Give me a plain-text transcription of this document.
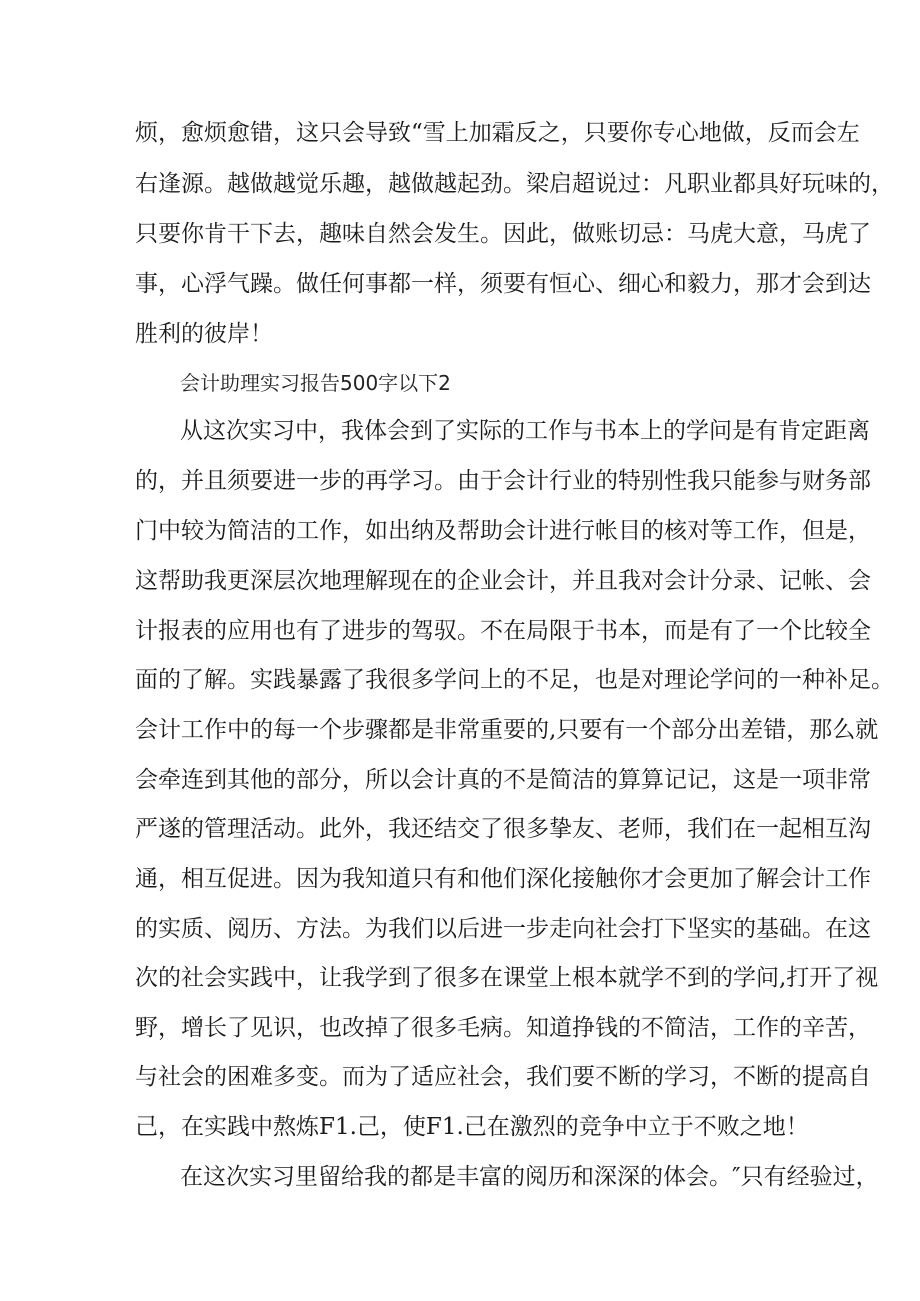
烦，愈烦愈错，这只会导致“雪上加霜反之，只要你专心地做，反而会左

右逢源。越做越觉乐趣，越做越起劲。梁启超说过：凡职业都具好玩味的，

只要你肯干下去，趣味自然会发生。因此，做账切忌：马虎大意，马虎了

事，心浮气躁。做任何事都一样，须要有恒心、细心和毅力，那才会到达

胜利的彼岸！

会计助理实习报告500字以下2

从这次实习中，我体会到了实际的工作与书本上的学问是有肯定距离

的，并且须要进一步的再学习。由于会计行业的特别性我只能参与财务部

门中较为简洁的工作，如出纳及帮助会计进行帐目的核对等工作，但是，

这帮助我更深层次地理解现在的企业会计，并且我对会计分录、记帐、会

计报表的应用也有了进步的驾驭。不在局限于书本，而是有了一个比较全

面的了解。实践暴露了我很多学问上的不足，也是对理论学问的一种补足。

会计工作中的每一个步骤都是非常重要的,只要有一个部分出差错，那么就

会牵连到其他的部分，所以会计真的不是简洁的算算记记，这是一项非常

严遂的管理活动。此外，我还结交了很多挚友、老师，我们在一起相互沟

通，相互促进。因为我知道只有和他们深化接触你才会更加了解会计工作

的实质、阅历、方法。为我们以后进一步走向社会打下坚实的基础。在这

次的社会实践中，让我学到了很多在课堂上根本就学不到的学问,打开了视

野，增长了见识，也改掉了很多毛病。知道挣钱的不简洁，工作的辛苦，

与社会的困难多变。而为了适应社会，我们要不断的学习，不断的提高自

己，在实践中熬炼F1.己，使F1.己在激烈的竞争中立于不败之地！

在这次实习里留给我的都是丰富的阅历和深深的体会。″只有经验过，
